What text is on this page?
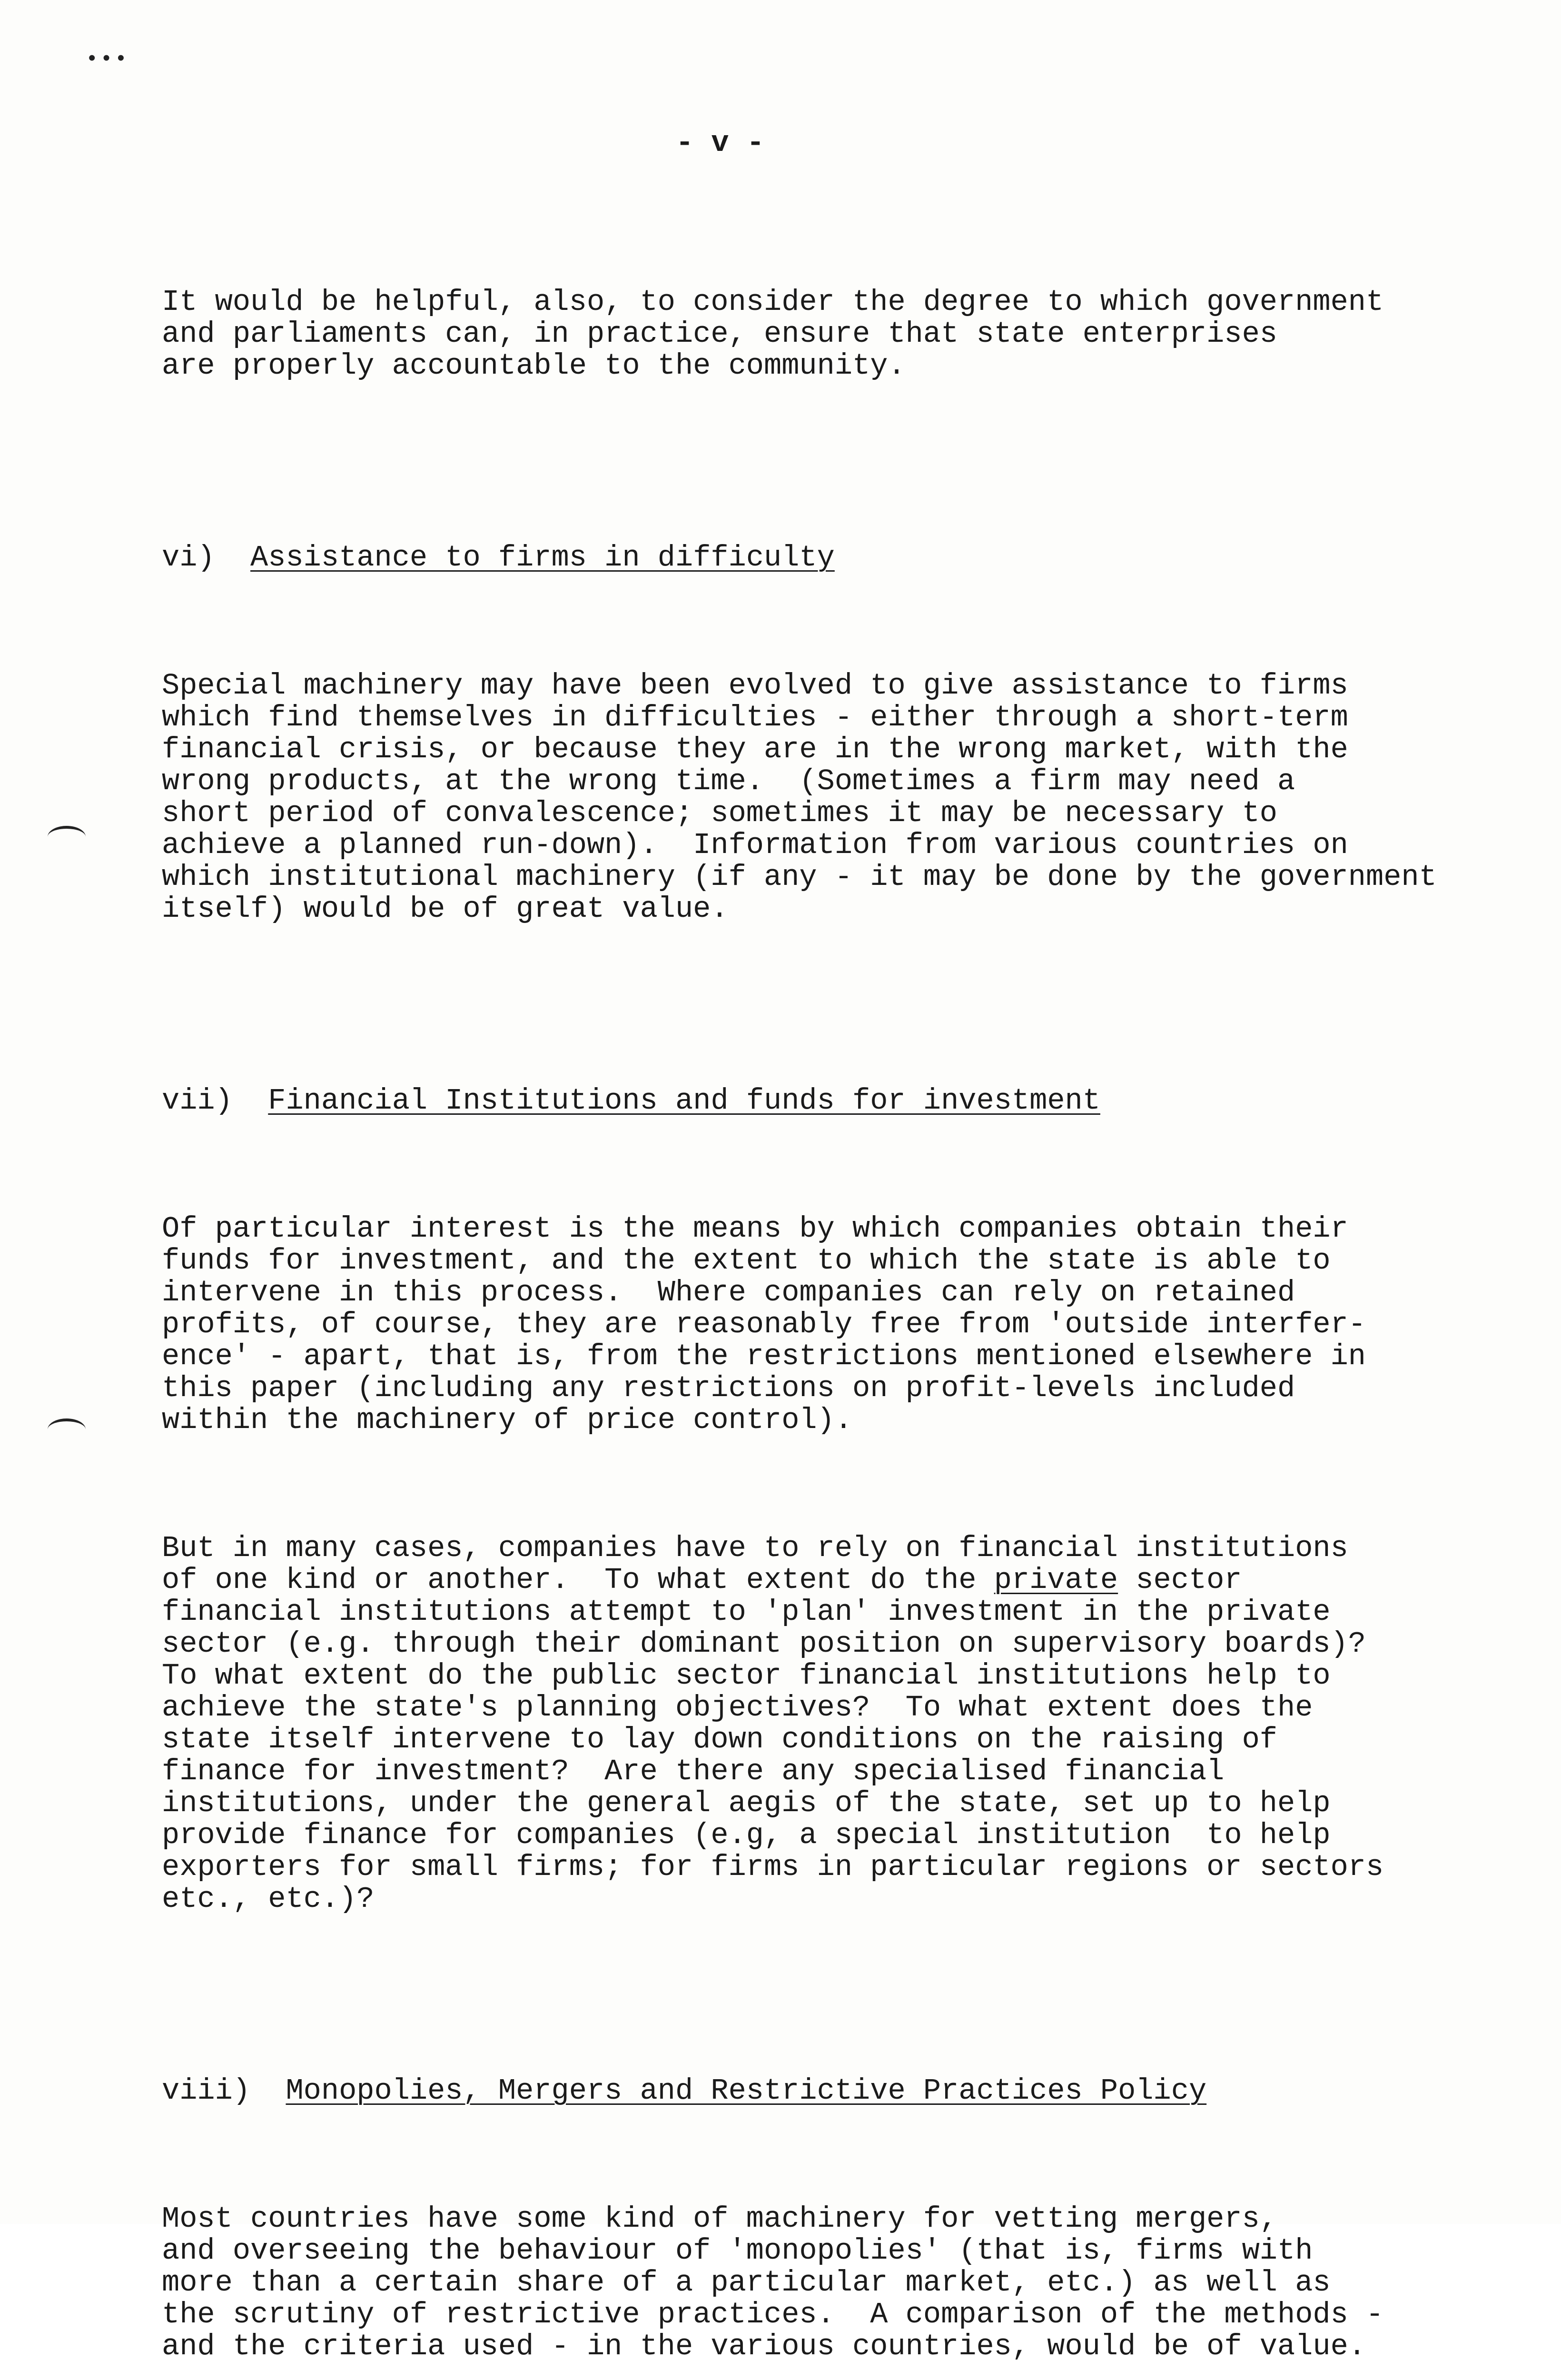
•••
- v -

It would be helpful, also, to consider the degree to which government
and parliaments can, in practice, ensure that state enterprises
are properly accountable to the community.

vi) Assistance to firms in difficulty

Special machinery may have been evolved to give assistance to firms
which find themselves in difficulties - either through a short-term
financial crisis, or because they are in the wrong market, with the
wrong products, at the wrong time.  (Sometimes a firm may need a
short period of convalescence; sometimes it may be necessary to
achieve a planned run-down).  Information from various countries on
which institutional machinery (if any - it may be done by the government
itself) would be of great value.

vii) Financial Institutions and funds for investment

Of particular interest is the means by which companies obtain their
funds for investment, and the extent to which the state is able to
intervene in this process.  Where companies can rely on retained
profits, of course, they are reasonably free from 'outside interfer-
ence' - apart, that is, from the restrictions mentioned elsewhere in
this paper (including any restrictions on profit-levels included
within the machinery of price control).

But in many cases, companies have to rely on financial institutions
of one kind or another.  To what extent do the private sector
financial institutions attempt to 'plan' investment in the private
sector (e.g. through their dominant position on supervisory boards)?
To what extent do the public sector financial institutions help to
achieve the state's planning objectives?  To what extent does the
state itself intervene to lay down conditions on the raising of
finance for investment?  Are there any specialised financial
institutions, under the general aegis of the state, set up to help
provide finance for companies (e.g, a special institution  to help
exporters for small firms; for firms in particular regions or sectors
etc., etc.)?

viii) Monopolies, Mergers and Restrictive Practices Policy

Most countries have some kind of machinery for vetting mergers,
and overseeing the behaviour of 'monopolies' (that is, firms with
more than a certain share of a particular market, etc.) as well as
the scrutiny of restrictive practices.  A comparison of the methods -
and the criteria used - in the various countries, would be of value.
